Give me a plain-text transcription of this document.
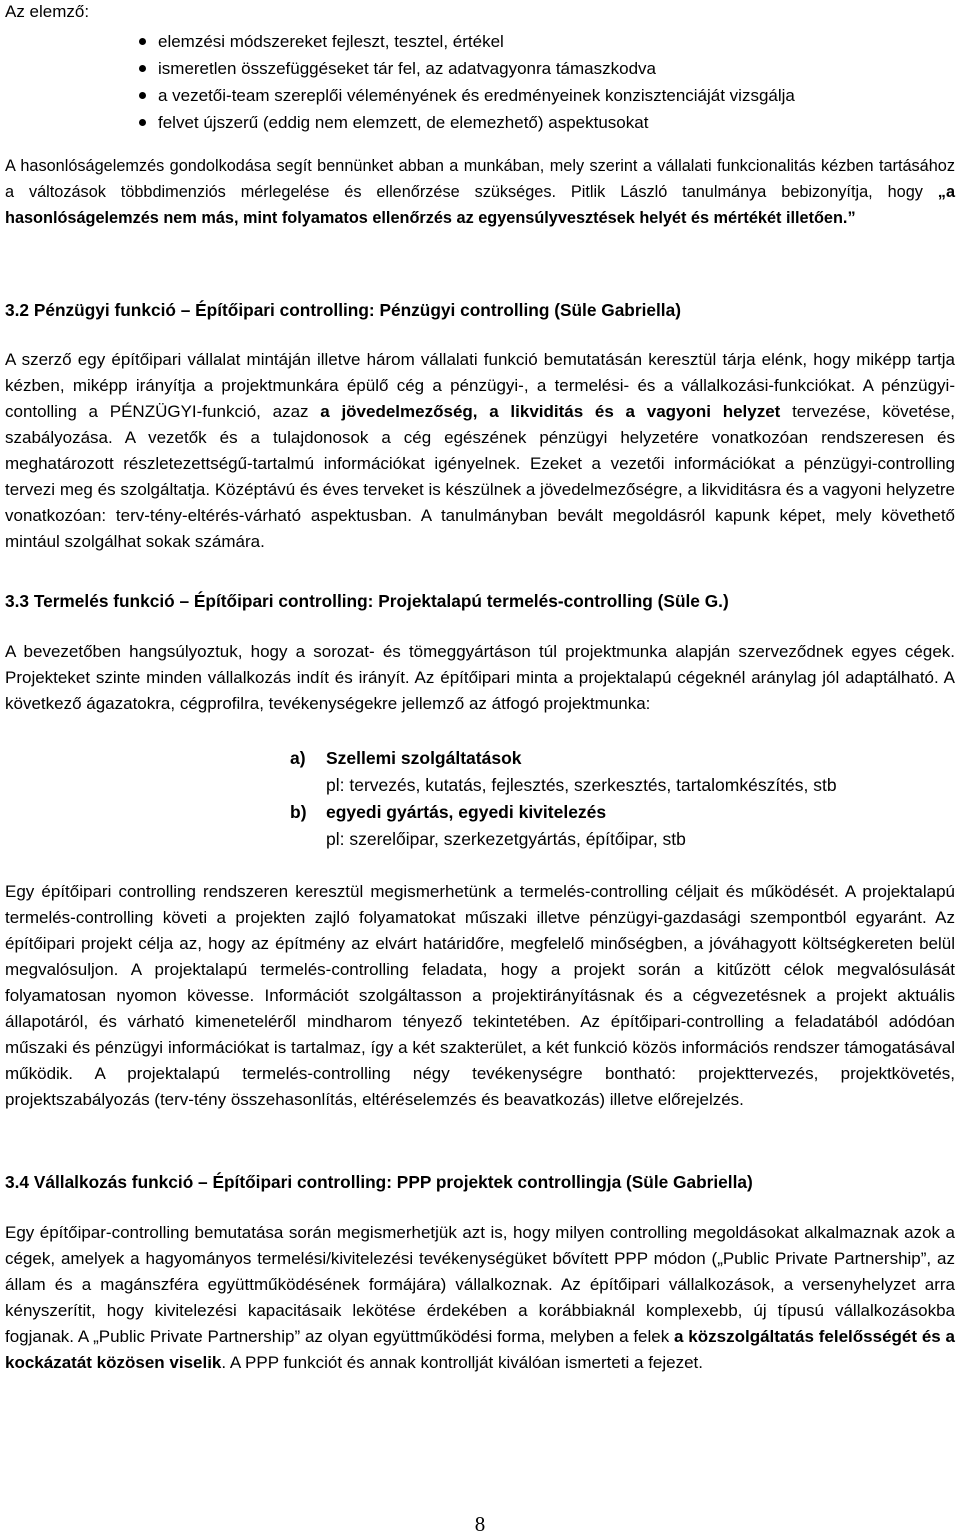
Az elemző:
elemzési módszereket fejleszt, tesztel, értékel
ismeretlen összefüggéseket tár fel, az adatvagyonra támaszkodva
a vezetői-team szereplői véleményének és eredményeinek konzisztenciáját vizsgálja
felvet újszerű (eddig nem elemzett, de elemezhető) aspektusokat

A hasonlóságelemzés gondolkodása segít bennünket abban a munkában, mely szerint a vállalati funkcionalitás kézben tartásához a változások többdimenziós mérlegelése és ellenőrzése szükséges. Pitlik László tanulmánya bebizonyítja, hogy „a hasonlóságelemzés nem más, mint folyamatos ellenőrzés az egyensúlyvesztések helyét és mértékét illetően.”

3.2 Pénzügyi funkció – Építőipari controlling: Pénzügyi controlling (Süle Gabriella)

A szerző egy építőipari vállalat mintáján illetve három vállalati funkció bemutatásán keresztül tárja elénk, hogy miképp tartja kézben, miképp irányítja a projektmunkára épülő cég a pénzügyi-, a termelési- és a vállalkozási-funkciókat. A pénzügyi-contolling a PÉNZÜGYI-funkció, azaz a jövedelmezőség, a likviditás és a vagyoni helyzet tervezése, követése, szabályozása. A vezetők és a tulajdonosok a cég egészének pénzügyi helyzetére vonatkozóan rendszeresen és meghatározott részletezettségű-tartalmú információkat igényelnek. Ezeket a vezetői információkat a pénzügyi-controlling tervezi meg és szolgáltatja. Középtávú és éves terveket is készülnek a jövedelmezőségre, a likviditásra és a vagyoni helyzetre vonatkozóan: terv-tény-eltérés-várható aspektusban. A tanulmányban bevált megoldásról kapunk képet, mely követhető mintául szolgálhat sokak számára.

3.3 Termelés funkció – Építőipari controlling: Projektalapú termelés-controlling (Süle G.)

A bevezetőben hangsúlyoztuk, hogy a sorozat- és tömeggyártáson túl projektmunka alapján szerveződnek egyes cégek. Projekteket szinte minden vállalkozás indít és irányít. Az építőipari minta a projektalapú cégeknél aránylag jól adaptálható. A következő ágazatokra, cégprofilra, tevékenységekre jellemző az átfogó projektmunka:

a) Szellemi szolgáltatások
pl: tervezés, kutatás, fejlesztés, szerkesztés, tartalomkészítés, stb
b) egyedi gyártás, egyedi kivitelezés
pl: szerelőipar, szerkezetgyártás, építőipar, stb

Egy építőipari controlling rendszeren keresztül megismerhetünk a termelés-controlling céljait és működését. A projektalapú termelés-controlling követi a projekten zajló folyamatokat műszaki illetve pénzügyi-gazdasági szempontból egyaránt. Az építőipari projekt célja az, hogy az építmény az elvárt határidőre, megfelelő minőségben, a jóváhagyott költségkereten belül megvalósuljon. A projektalapú termelés-controlling feladata, hogy a projekt során a kitűzött célok megvalósulását folyamatosan nyomon kövesse. Információt szolgáltasson a projektirányításnak és a cégvezetésnek a projekt aktuális állapotáról, és várható kimeneteléről mindharom tényező tekintetében. Az építőipari-controlling a feladatából adódóan műszaki és pénzügyi információkat is tartalmaz, így a két szakterület, a két funkció közös információs rendszer támogatásával működik. A projektalapú termelés-controlling négy tevékenységre bontható: projekttervezés, projektkövetés, projektszabályozás (terv-tény összehasonlítás, eltéréselemzés és beavatkozás) illetve előrejelzés.

3.4 Vállalkozás funkció – Építőipari controlling: PPP projektek controllingja (Süle Gabriella)

Egy építőipar-controlling bemutatása során megismerhetjük azt is, hogy milyen controlling megoldásokat alkalmaznak azok a cégek, amelyek a hagyományos termelési/kivitelezési tevékenységüket bővített PPP módon („Public Private Partnership”, az állam és a magánszféra együttműködésének formájára) vállalkoznak. Az építőipari vállalkozások, a versenyhelyzet arra kényszerítit, hogy kivitelezési kapacitásaik lekötése érdekében a korábbiaknál komplexebb, új típusú vállalkozásokba fogjanak. A „Public Private Partnership” az olyan együttműködési forma, melyben a felek a közszolgáltatás felelősségét és a kockázatát közösen viselik. A PPP funkciót és annak kontrollját kiválóan ismerteti a fejezet.

8
